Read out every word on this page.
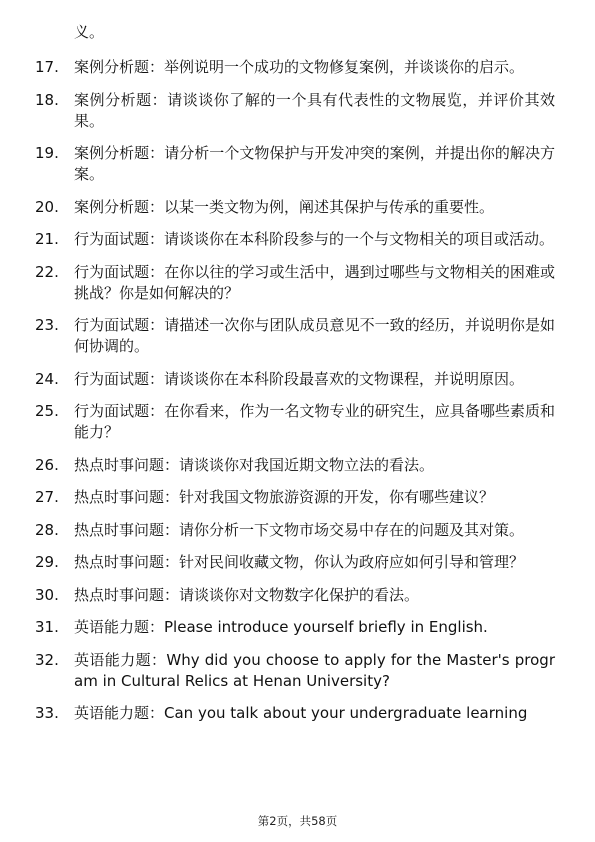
义。

17.	案例分析题：举例说明一个成功的文物修复案例，并谈谈你的启示。
18.	案例分析题：请谈谈你了解的一个具有代表性的文物展览，并评价其效果。
19.	案例分析题：请分析一个文物保护与开发冲突的案例，并提出你的解决方案。
20.	案例分析题：以某一类文物为例，阐述其保护与传承的重要性。
21.	行为面试题：请谈谈你在本科阶段参与的一个与文物相关的项目或活动。
22.	行为面试题：在你以往的学习或生活中，遇到过哪些与文物相关的困难或挑战？你是如何解决的？
23.	行为面试题：请描述一次你与团队成员意见不一致的经历，并说明你是如何协调的。
24.	行为面试题：请谈谈你在本科阶段最喜欢的文物课程，并说明原因。
25.	行为面试题：在你看来，作为一名文物专业的研究生，应具备哪些素质和能力？
26.	热点时事问题：请谈谈你对我国近期文物立法的看法。
27.	热点时事问题：针对我国文物旅游资源的开发，你有哪些建议？
28.	热点时事问题：请你分析一下文物市场交易中存在的问题及其对策。
29.	热点时事问题：针对民间收藏文物，你认为政府应如何引导和管理？
30.	热点时事问题：请谈谈你对文物数字化保护的看法。
31.	英语能力题：Please introduce yourself briefly in English.
32.	英语能力题：Why did you choose to apply for the Master's program in Cultural Relics at Henan University?
33.	英语能力题：Can you talk about your undergraduate learning
第2页，共58页
